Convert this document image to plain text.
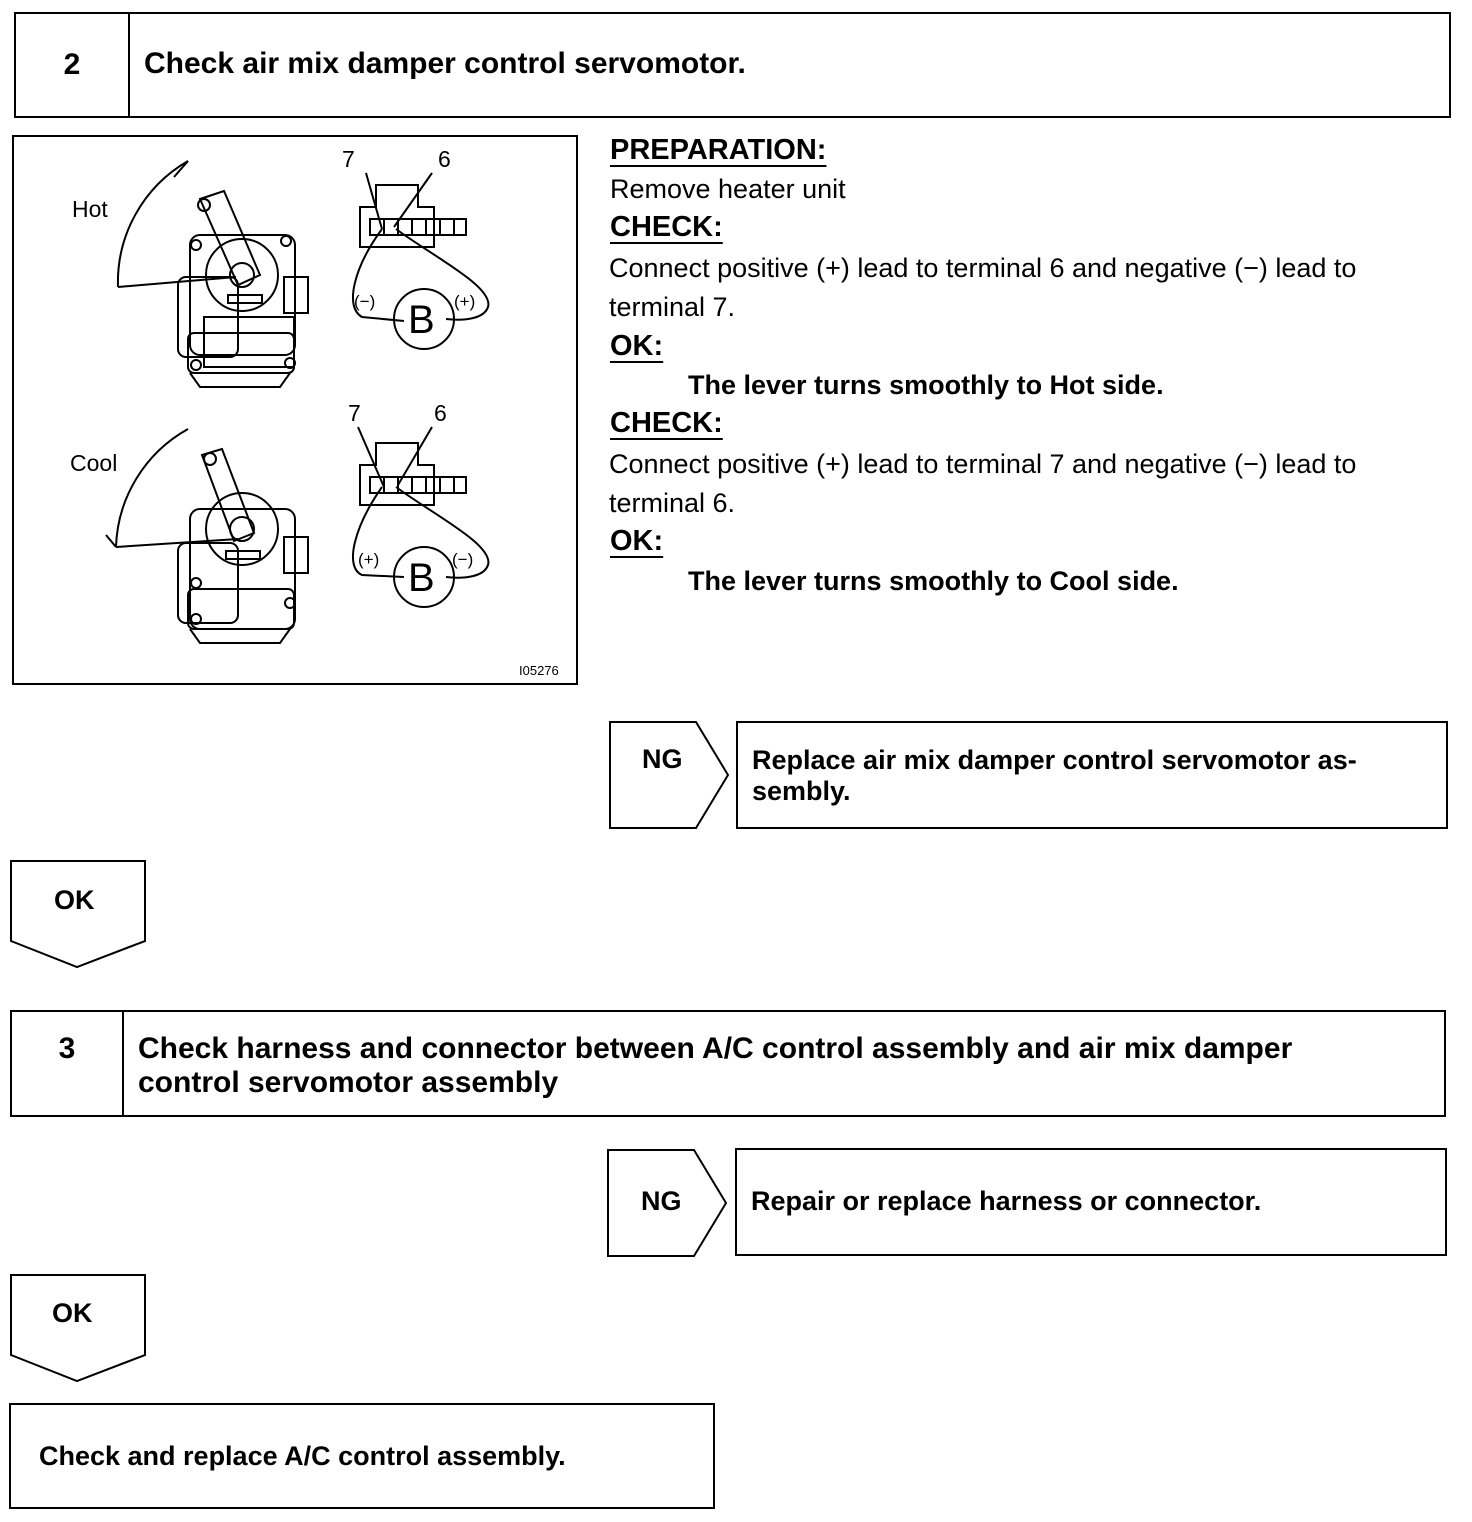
2	Check air mix damper control servomotor.
Hot
Cool
7	6
7	6
B
B
(−)	(+)
(+)	(−)
I05276
PREPARATION:
Remove heater unit
CHECK:
Connect positive (+) lead to terminal 6 and negative (−) lead to
terminal 7.
OK:
The lever turns smoothly to Hot side.
CHECK:
Connect positive (+) lead to terminal 7 and negative (−) lead to
terminal 6.
OK:
The lever turns smoothly to Cool side.
NG	Replace air mix damper control servomotor as-
sembly.
OK
3	Check harness and connector between A/C control assembly and air mix damper
control servomotor assembly
NG	Repair or replace harness or connector.
OK
Check and replace A/C control assembly.
